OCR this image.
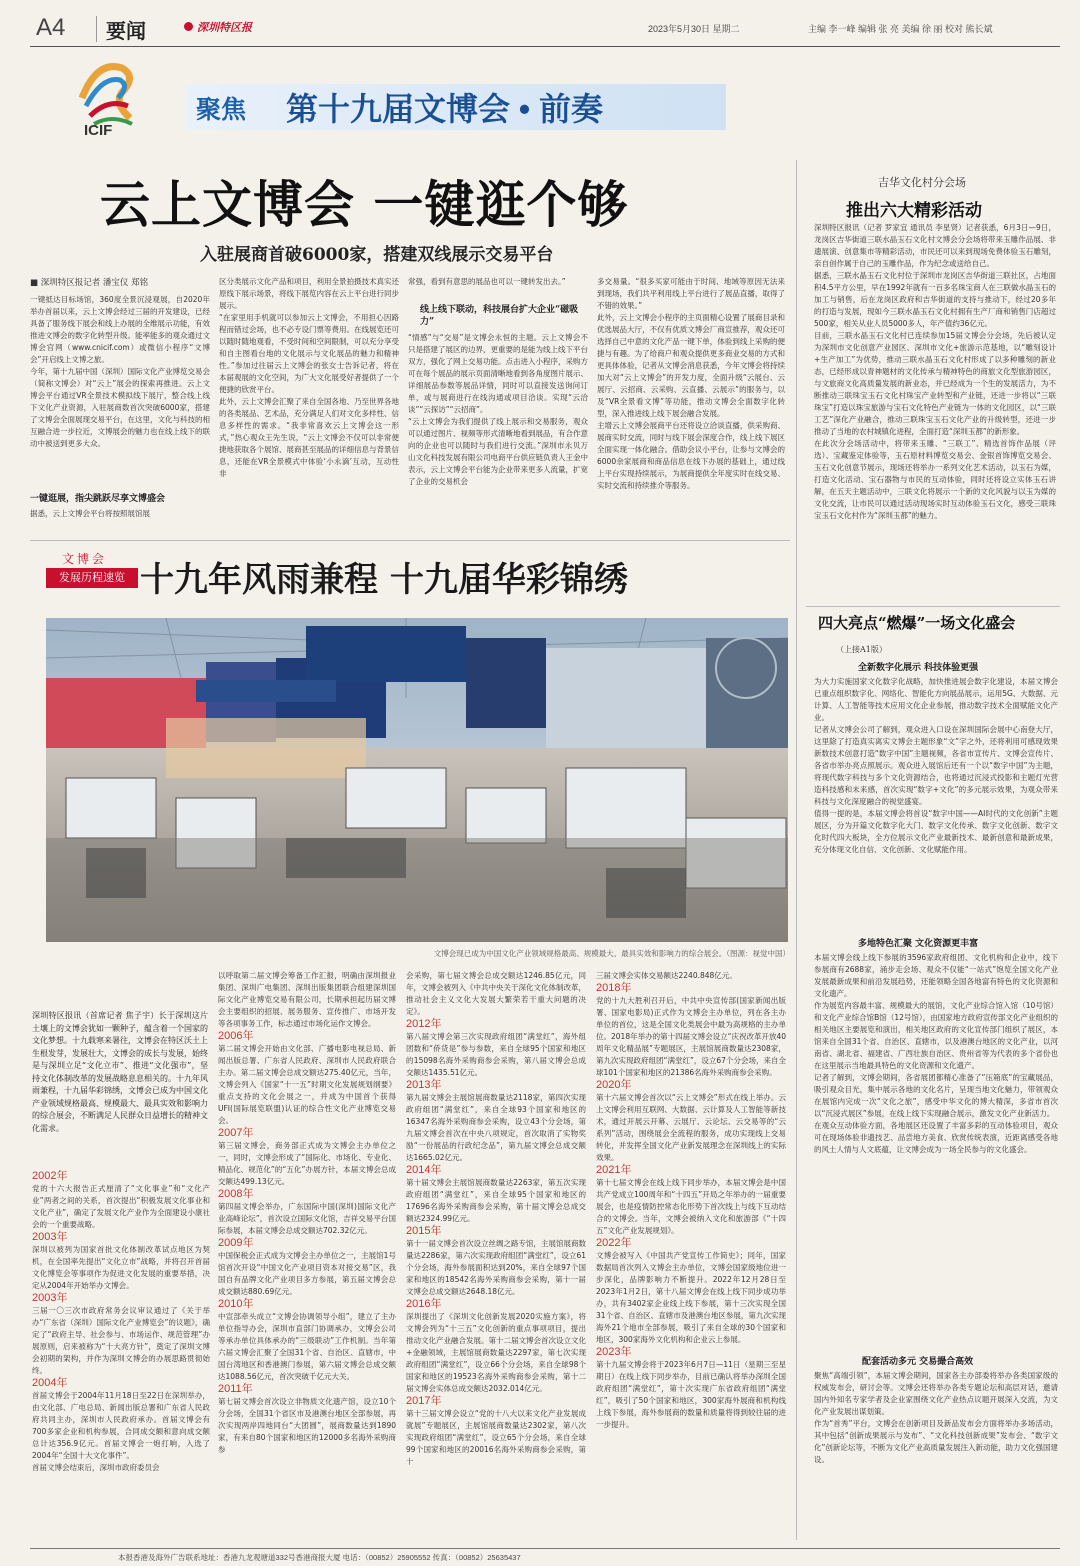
A4 要闻	深圳特区报	2023年5月30日 星期二	主编 李一峰 编辑 张 亮 美编 徐 丽 校对 熊长斌
ICIF
聚焦 第十九届文博会 • 前奏
云上文博会 一键逛个够
入驻展商首破6000家，搭建双线展示交易平台
■ 深圳特区报记者 潘宝仪 郑铭
一键抵达目标场馆，360度全景沉浸观展，自2020年举办首届以来，云上文博会经过三届的开发建设，已经具备了服务线下展会和线上办展的全维展示功能，有效推进文博会的数字化转型升级。能率能多的观众通过文博会官网（www.cnicif.com）或微信小程序“文博会”开启线上文博之旅。
今年，第十九届中国（深圳）国际文化产业博览交易会（简称文博会）对“云上”展会的探索再推进。云上文博会平台通过VR全景技术模拟线下展厅，整合线上线下文化产业资源，入驻展商数首次突破6000家，搭建了文博会全面展现交易平台，在这里，文化与科技的相互融合进一步拉近，文博展会的魅力也在线上线下的联动中被送到更多大众。
一键逛展，指尖跳跃尽享文博盛会
据悉，云上文博会平台将按照展馆展
区分类展示文化产品和项目，利用全景拍摄技术真实还原线下展示场景，将线下展览内容在云上平台进行同步展示。
“在家里用手机就可以参加云上文博会，不用担心因路程而错过会场，也不必专设门票等费用。在线展览还可以随时随地观看，不受时间和空间限制，可以充分享受和自主图看台地的文化展示与文化展品的魅力和精神性。”参加过往届云上文博会的张女士告诉记者，将在本届观展的文化空间，为广大文化展受好者提供了一个便捷的欣赏平台。
此外，云上文博会汇聚了来自全国各地、乃至世界各地的各类展品、艺术品，充分满足人们对文化多样性、信息多样性的需求。“我非常喜欢云上文博会这一形式，”热心观众王先生说，“云上文博会不仅可以非常便捷地获取各个展馆、展商甚至展品的详细信息与背景信息，还能在VR全景模式中体验‘小永滴’互动，互动性非
常强，看到有意思的展品也可以一键转发出去。”
线上线下联动，科技展台扩大企业“磁吸力”
“情感”与“交易”是文博会永恒的主题。云上文博会不只是搭建了展区的边界，更重要的是能为线上线下平台双方，强化了网上交易功能。点击进入小程序，采购方可在每个展品的展示页面清晰地看到各角度图片展示、详细展品参数等展品详情，同时可以直接发送询问订单，或与展商进行在线沟通或项目洽谈。实现“云洽谈”“云探访”“云招商”。
“云上文博会为我们提供了线上展示和交易服务，观众可以通过图片、视频等形式清晰地看到展品，有合作意向的企业也可以随时与我们进行交流。”深圳市永贝万山文化科技发展有限公司电商平台供应链负责人王金中表示，云上文博会平台能为企业带来更多人流量，扩宽了企业的交易机会
多交易量。“很多买家可能由于时间、地域等原因无法来到现场，我们共平利用线上平台进行了展品直播，取得了不错的效果。”
此外，云上文博会小程序的主页面精心设置了展商目录和优选展品大厅，不仅有优质文博会厂商宣推荐，观众还可选择自己中意的文化产品一键下单，体验到线上采购的便捷与有趣。为了给商户和观众提供更多商业交易的方式和更具体体验，记者从文博会消息获悉，今年文博会将持续加大对“云上文博会”的开发力度，全面升级“云展台、云展厅、云招商、云采购、云直播、云展示”的服务与，以及“VR全景看文博”等功能，推动文博会全面数字化转型，深入推进线上线下展会融合发展。
主增云上文博会展商平台还将设立洽谈直播，供采购商、展商实时交流，同时与线下展会深度合作，线上线下展区全面实现一体化融合。借助会议小平台，让参与文博会的6000余家展商和商品信息在线下办展的基础上，通过线上平台实现持续展示，为展商提供全年度实时在线交易、实时交流和持续推介等服务。
吉华文化村分会场
推出六大精彩活动
深圳特区报讯（记者 罗家宜 通讯员 李星贤）记者获悉，6月3日—9日，龙岗区吉华街道三联水晶玉石文化村文博会分会场将带来玉雕作品展、非遗展演、创意集市等精彩活动，市民还可以来到现场免费体验玉石雕刻，亲自创作属于自己的玉雕作品，作为纪念或送给自己。
据悉，三联水晶玉石文化村位于深圳市龙岗区吉华街道三联社区，占地面积4.5平方公里，早在1992年就有一百多名珠宝商人在三联做水晶玉石的加工与销售，后在龙岗区政府和吉华街道的支持与推动下，经过20多年的打造与发展，现如今三联水晶玉石文化村拥有生产厂商和销售门店超过500家，相关从业人员5000多人，年产值约36亿元。
目前，三联水晶玉石文化村已连续参加15届文博会分会场，先后被认定为深圳市文化创意产业园区、深圳市文化+旅游示范基地，以“雕刻设计+生产加工”为优势，推动三联水晶玉石文化村形成了以多种雕刻的新业态，已经形成以青神题材的文化传承与精神特色的商旅文化型旅游园区，与文旅商文化高质量发展的新业态，并已经成为一个生的发展活力，为不断推动三联珠宝玉石文化村珠宝产业转型和产业链，还进一步将以“三联珠宝”打造以珠宝旅游与宝石文化特色产业链为一体的文化园区，以“三联工艺”深化产业融合，推动三联珠宝玉石文化产业的升级转型，还进一步推动了当地的农村城镇化进程，全面打造“深圳玉都”的新形象。
在此次分会场活动中，将带来玉雕、“三联工”、精选首饰作品展（评选）、宝藏鉴定体验等，玉石原材料博览交易会、金银首饰博览交易会、玉石文化创意节展示，现场还将举办一系列文化艺术活动，以玉石为媒，打造文化活动、宝石器物与市民的互动体验，同时还将设立实体玉石讲解，在五天主题活动中，三联文化将展示一个新的文化风貌与以玉为媒的文化交流，让市民可以通过活动现场实时互动体验玉石文化，感受三联珠宝玉石文化村作为“深圳玉都”的魅力。
文博会
发展历程速览 十九年风雨兼程 十九届华彩锦绣
文博会现已成为中国文化产业领域规格最高、规模最大、最具实效和影响力的综合展会。（图源：视觉中国）
深圳特区报讯（首席记者 焦子宇）长于深圳这片土壤上的文博会犹如一颗种子，蕴含着一个国家的文化梦想。十九载寒来暑往，文博会在特区沃土上生根发芽，发展壮大，文博会的成长与发展，始终是与深圳立足“文化立市”、推进“文化强市”，坚持文化体制改革的发展战略息息相关的。十九年风雨兼程，十九届华彩锦绣，文博会已成为中国文化产业领域规格最高、规模最大、最具实效和影响力的综合展会，不断满足人民群众日益增长的精神文化需求。
2002年
党的十六大报告正式厘清了“文化事业”和“文化产业”两者之间的关系，首次提出“积极发展文化事业和文化产业”，确定了发展文化产业作为全面建设小康社会的一个重要战略。
2003年
深圳以被列为国家首批文化体制改革试点地区为契机，在全国率先提出“文化立市”战略，并将召开首届文化博览会等事项作为促进文化发展的重要举措，决定从2004年开始举办文博会。
2003年
三届一〇三次市政府常务会议审议通过了《关于举办“广东省（深圳）国际文化产业博览会”的议题》，确定了“政府主导、社会参与、市场运作、规范管理”办展原则，启来被称为“十大亮方针”，奠定了深圳文博会初期的架构，并作为深圳文博会的办展思路贯彻始终。
2004年
首届文博会于2004年11月18日至22日在深圳举办，由文化部、广电总局、新闻出版总署和广东省人民政府共同主办，深圳市人民政府承办。首届文博会有700多家企业和机构参展，合同成交额和意向成交额总计达356.9亿元。首届文博会一炮打响，入选了2004年“全国十大文化事件”。
首届文博会结束后，深圳市政府委员会
以呼取第二届文博会筹备工作汇报，明确由深圳报业集团、深圳广电集团、深圳出版集团联合组建深圳国际文化产业博览交易有限公司，长期承担起历届文博会主要组织的招展、展务服务、宣传推广、市场开发等各项事务工作，标志通过市场化运作文博会。
2006年
第二届文博会开始由文化部、广播电影电视总局、新闻出版总署、广东省人民政府、深圳市人民政府联合主办。第二届文博会总成交额达275.40亿元，当年，文博会列入《国家“十一五”时期文化发展规划纲要》重点支持的文化会展之一，并成为中国首个获得UFI(国际展览联盟)认证的综合性文化产业博览交易会。
2007年
第三届文博会，商务部正式成为文博会主办单位之一，同时，文博会形成了“国际化、市场化、专业化、精品化、规范化”的“五化”办展方针，本届文博会总成交额达499.13亿元。
2008年
第四届文博会举办，广东国际中国(深圳)国际文化产业高峰论坛”，首次设立国际文化馆，吉祥交易平台国际参展，本届文博会总成交额达702.32亿元。
2009年
中国保税会正式成为文博会主办单位之一，主展馆1号馆首次开设“中国文化产业项目资本对接交易”区，我国自有品牌文化产业项目多方参展，第五届文博会总成交额达880.69亿元。
2010年
中宣部牵头成立“文博会协调领导小组”，建立了主办单位指导办会，深圳市直部门协调承办，文博会公司等承办单位具体承办的“三级联动”工作机制。当年第六届文博会汇聚了全国31个省、自治区、直辖市，中国台湾地区和香港澳门参展，第六届文博会总成交额达1088.56亿元，首次突破千亿元大关。
2011年
第七届文博会首次设立非物质文化遗产馆，设立10个分会场，全国31个省区市及港澳台地区全部参展，再次实现两岸四地同台“大团圆”，展商数量达到1890家，有来自80个国家和地区的12000多名海外采购商参
会采购，第七届文博会总成交额达1246.85亿元，同年，文博会被列入《中共中央关于深化文化体制改革，推动社会主义文化大发展大繁荣若干重大问题的决定》。
2012年
第八届文博会第三次实现政府组团“满堂红”，海外组团数和“侨货是”参与参数，来自全球95个国家和地区的15098名海外采购商参会采购，第八届文博会总成交额达1435.51亿元。
2013年
第九届文博会主展馆展商数量达2118家，第四次实现政府组团“满堂红”，来自全球93个国家和地区的16347名海外采购商参会采购，设立43个分会场，第九届文博会首次在中央八项规定，首次取消了实物奖励“一份展品的行政纪念品”，第九届文博会总成交额达1665.02亿元。
2014年
第十届文博会主展馆展商数量达2263家，第五次实现政府组团“满堂红”，来自全球95个国家和地区的17696名海外采购商参会采购，第十届文博会总成交额达2324.99亿元。
2015年
第十一届文博会首次设立丝绸之路专馆，主展馆展商数量达2286家，第六次实现政府组团“满堂红”，设立61个分会场，海外参展面积达到20%，来自全球97个国家和地区的18542名海外采购商参会采购，第十一届文博会总成交额达2648.18亿元。
2016年
深圳提出了《深圳文化创新发展2020实施方案》，将文博会列为“十三五”文化创新的重点事项项目，提出推动文化产业融合发展。第十二届文博会首次设立文化+金融领域，主展馆展商数量达2297家，第七次实现政府组团“满堂红”，设立66个分会场，来自全球98个国家和地区的19523名海外采购商参会采购，第十二届文博会实体总成交额达2032.014亿元。
2017年
第十三届文博会设立“党的十八大以来文化产业发展成就展”专题展区，主展馆展商数量达2302家，第八次实现政府组团“满堂红”，设立65个分会场，来自全球99个国家和地区的20016名海外采购商参会采购，第十
三届文博会实体交易额达2240.848亿元。
2018年
党的十九大胜利召开后，中共中央宣传部(国家新闻出版署、国家电影局)正式作为文博会主办单位，列在各主办单位的首位，这是全国文化类展会中最为高规格的主办单位。2018年举办的第十四届文博会设立“庆祝改革开放40周年文化精品展”专题展区，主展馆展商数量达2308家，第九次实现政府组团“满堂红”，设立67个分会场，来自全球101个国家和地区的21386名海外采购商参会采购。
2020年
第十六届文博会首次以“云上文博会”形式在线上举办。云上文博会利用互联网、大数据、云计算及人工智能等新技术，通过开展云开幕、云展厅、云论坛、云交易等的“云系列”活动，围绕展会全流程的服务，成功实现线上交易转化，并发挥全国文化产业新发展理念在深圳线上的实际效果。
2021年
第十七届文博会在线上线下同步举办，本届文博会是中国共产党成立100周年和“十四五”开局之年举办的一届重要展会，也是疫情防控常态化形势下首次线上与线下互动结合的文博会。当年，文博会被纳入文化和旅游部《“十四五”文化产业发展规划》。
2022年
文博会被写入《中国共产党宣传工作简史》；同年，国家数据局首次列入文博会主办单位，文博会国家级地位进一步深化，品牌影响力不断提升。2022年12月28日至2023年1月2日，第十八届文博会在线上线下同步成功举办，共有3402家企业线上线下参展，第十三次实现全国31个省、自治区、直辖市及港澳台地区参展，第九次实现海外21个地市全部参展，吸引了来自全球的30个国家和地区，300家海外文化机构和企业云上参展。
2023年
第十九届文博会将于2023年6月7日—11日（星期三至星期日）在线上线下同步举办，目前已确认将举办深圳全国政府组团“满堂红”，第十次实现广东省政府组团“满堂红”，吸引了50个国家和地区，300家海外展商和机构线上线下参展，海外参展商的数量和质量将得到较往届的进一步提升。
四大亮点“燃爆”一场文化盛会
（上接A1版）
全新数字化展示 科技体验更强
为大力实施国家文化数字化战略，加快推进展会数字化建设，本届文博会已重点组织数字化、网络化、智能化方向展品展示，运用5G、大数据、元计算、人工智能等技术应用文化企业参展，推动数字技术全面赋能文化产业。
记者从文博会公司了解到，观众进入口设在深圳国际会展中心南登大厅，这里除了打造真实离实文博会主题形象“文”字之外，还将利用可感现效果新数技术创意打造“数字中国”主题视频，各省市宣传片、文博会宣传片、各省市举办亮点照展示。观众进入展馆后还有一个以“数字中国”为主题，将现代数字科技与多个文化资源结合，也将通过沉浸式投影和主题灯光营造科技感和未来感，首次实现“数字+文化”的多元展示效果，为观众带来科技与文化深度融合的视觉盛宴。
值得一提的是，本届文博会将首设“数字中国——AI时代的文化创新”主题展区，分为开篇文化数字化大门、数字文化传承、数字文化创新、数字文化时代四大板块，全方位展示文化产业最新技术、最新创意和最新成果，充分体现文化自信、文化创新、文化赋能作用。
多地特色汇聚 文化资源更丰富
本届文博会线上线下参展的3596家政府组团、文化机构和企业中，线下参展商有2688家，涌步走会场、观众不仅能“一站式”饱览全国文化产业发展最新成果和前沿发展趋势，还能领略全国各地富有特色的文化资源和文化遗产。
作为展览内容最丰富、规模最大的展馆，文化产业综合馆入馆（10号馆）和文化产业综合馆B馆（12号馆），由国家地方政府宣传部文化产业组织的相关地区主要展览和演出，相关地区政府的文化宣传部门组织了展区，本馆来自全国31个省、自治区、直辖市，以及港澳台地区的文化产业，以河南省、湖北省、福建省、广西壮族自治区、贵州省等为代表的多个省份也在这里展示当地最具特色的文化资源和文化遗产。
记者了解到，文博会期间，各省展团都精心准备了“压箱底”的宝藏展品，吸引观众目光，集中展示各地的文化名片，呈现当地文化魅力，带领观众在展馆内完成一次“文化之旅”，感受中华文化的博大精深，多省市首次以“沉浸式展区”参展，在线上线下实现融合展示，激发文化产业新活力。
在观众互动体验方面，各地展区还设置了丰富多彩的互动体验项目，观众可在现场体验非遗技艺、品尝地方美食、欣赏传统表演，近距离感受各地的风土人情与人文底蕴，让文博会成为一场全民参与的文化盛会。
配套活动多元 交易撮合高效
聚焦“高端引领”，本届文博会期间，国家各主办部委将举办各类国家级的权威发布会，研讨会等。文博会还将举办各类专题论坛和高层对话，邀请国内外知名专家学者及企业家围绕文化产业热点议题开展深入交流，为文化产业发展出谋划策。
作为“首秀”平台，文博会在创新项目及新品发布会方面将举办多场活动，其中包括“创新成果展示与发布”、“文化科技创新成果”发布会、“数字文化”创新论坛等，不断为文化产业高质量发展注入新动能，助力文化强国建设。
本报香港及海外广告联系地址：香港九龙观塘道332号香港商报大厦 电话：（00852）25905552 传真：（00852）25635437
